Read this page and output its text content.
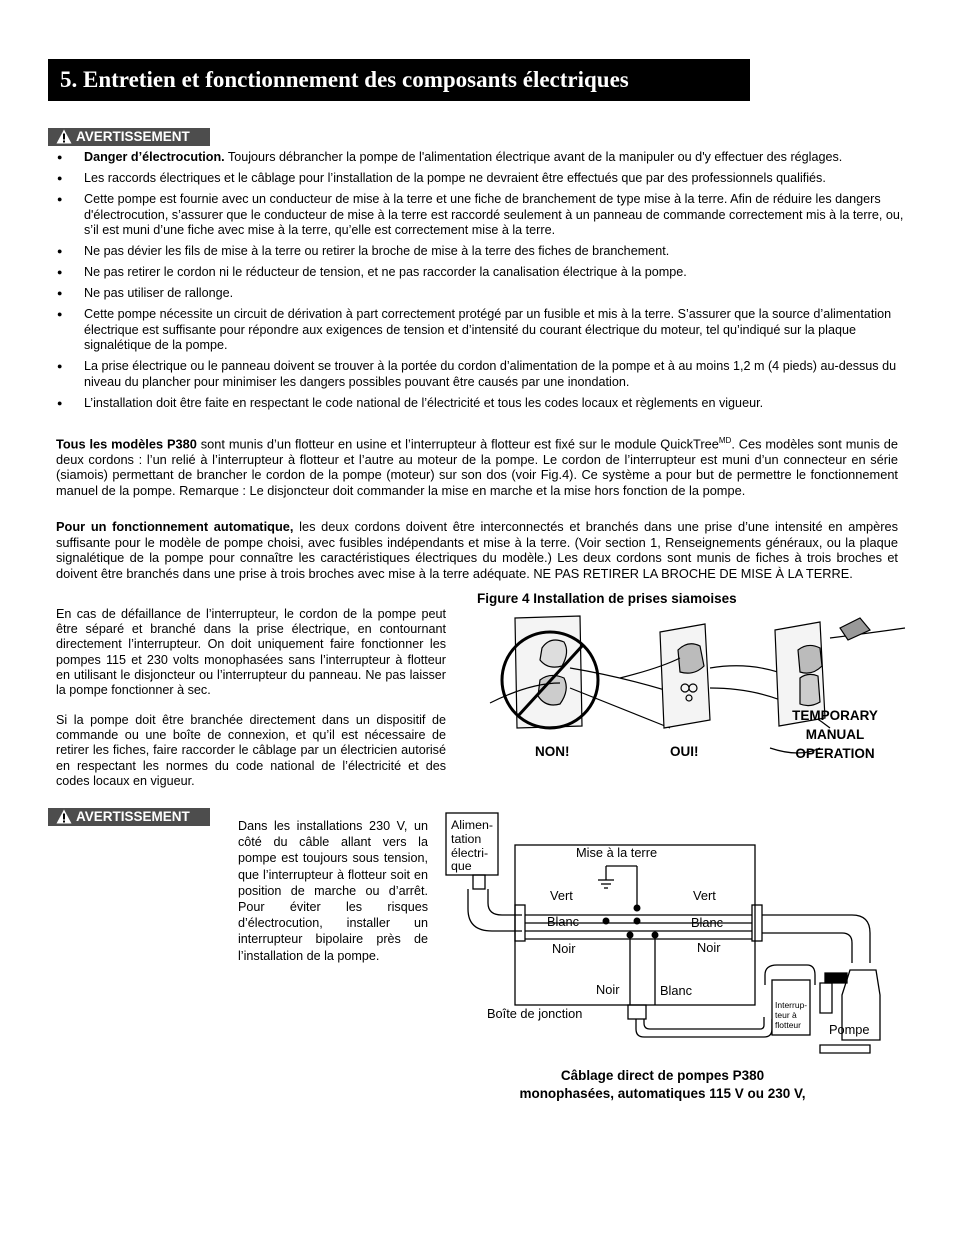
5. Entretien et fonctionnement des composants électriques
AVERTISSEMENT
● Danger d’électrocution. Toujours débrancher la pompe de l'alimentation électrique avant de la manipuler ou d'y effectuer des réglages.
● Les raccords électriques et le câblage pour l’installation de la pompe ne devraient être effectués que par des professionnels qualifiés.
● Cette pompe est fournie avec un conducteur de mise à la terre et une fiche de branchement de type mise à la terre. Afin de réduire les dangers d'électrocution, s’assurer que le conducteur de mise à la terre est raccordé seulement à un panneau de commande correctement mis à la terre, ou, s’il est muni d’une fiche avec mise à la terre, qu’elle est correctement mise à la terre.
● Ne pas dévier les fils de mise à la terre ou retirer la broche de mise à la terre des fiches de branchement.
● Ne pas retirer le cordon ni le réducteur de tension, et ne pas raccorder la canalisation électrique à la pompe.
● Ne pas utiliser de rallonge.
● Cette pompe nécessite un circuit de dérivation à part correctement protégé par un fusible et mis à la terre. S’assurer que la source d’alimentation électrique est suffisante pour répondre aux exigences de tension et d’intensité du courant électrique du moteur, tel qu’indiqué sur la plaque signalétique de la pompe.
● La prise électrique ou le panneau doivent se trouver à la portée du cordon d’alimentation de la pompe et à au moins 1,2 m (4 pieds) au-dessus du niveau du plancher pour minimiser les dangers possibles pouvant être causés par une inondation.
● L’installation doit être faite en respectant le code national de l’électricité et tous les codes locaux et règlements en vigueur.
Tous les modèles P380 sont munis d’un flotteur en usine et l’interrupteur à flotteur est fixé sur le module QuickTree$^{MD}$. Ces modèles sont munis de deux cordons : l’un relié à l’interrupteur à flotteur et l’autre au moteur de la pompe. Le cordon de l’interrupteur est muni d’un connecteur en série (siamois) permettant de brancher le cordon de la pompe (moteur) sur son dos (voir Fig.4). Ce système a pour but de permettre le fonctionnement manuel de la pompe. Remarque : Le disjoncteur doit commander la mise en marche et la mise hors fonction de la pompe.
Pour un fonctionnement automatique, les deux cordons doivent être interconnectés et branchés dans une prise d’une intensité en ampères suffisante pour le modèle de pompe choisi, avec fusibles indépendants et mise à la terre. (Voir section 1, Renseignements généraux, ou la plaque signalétique de la pompe pour connaître les caractéristiques électriques du modèle.) Les deux cordons sont munis de fiches à trois broches et doivent être branchés dans une prise à trois broches avec mise à la terre adéquate. NE PAS RETIRER LA BROCHE DE MISE À LA TERRE.
En cas de défaillance de l’interrupteur, le cordon de la pompe peut être séparé et branché dans la prise électrique, en contournant directement l’interrupteur. On doit uniquement faire fonctionner les pompes 115 et 230 volts monophasées sans l’interrupteur à flotteur en utilisant le disjoncteur ou l’interrupteur du panneau. Ne pas laisser la pompe fonctionner à sec.
Si la pompe doit être branchée directement dans un dispositif de commande ou une boîte de connexion, et qu’il est nécessaire de retirer les fiches, faire raccorder le câblage par un électricien autorisé en respectant les normes du code national de l’électricité et des codes locaux en vigueur.
Figure 4 Installation de prises siamoises
NON!	OUI!
TEMPORARY
MANUAL
OPERATION
AVERTISSEMENT
Dans les installations 230 V, un côté du câble allant vers la pompe est toujours sous tension, que l’interrupteur à flotteur soit en position de marche ou d’arrêt. Pour éviter les risques d’électrocution, installer un interrupteur bipolaire près de l’installation de la pompe.
Alimen-
tation
électri-
que
Mise à la terre
Vert	Vert
Blanc	Blanc
Noir	Noir
Noir	Blanc
Boîte de jonction
Interrup-
teur à
flotteur	Pompe
Câblage direct de pompes P380
monophasées, automatiques 115 V ou 230 V,
